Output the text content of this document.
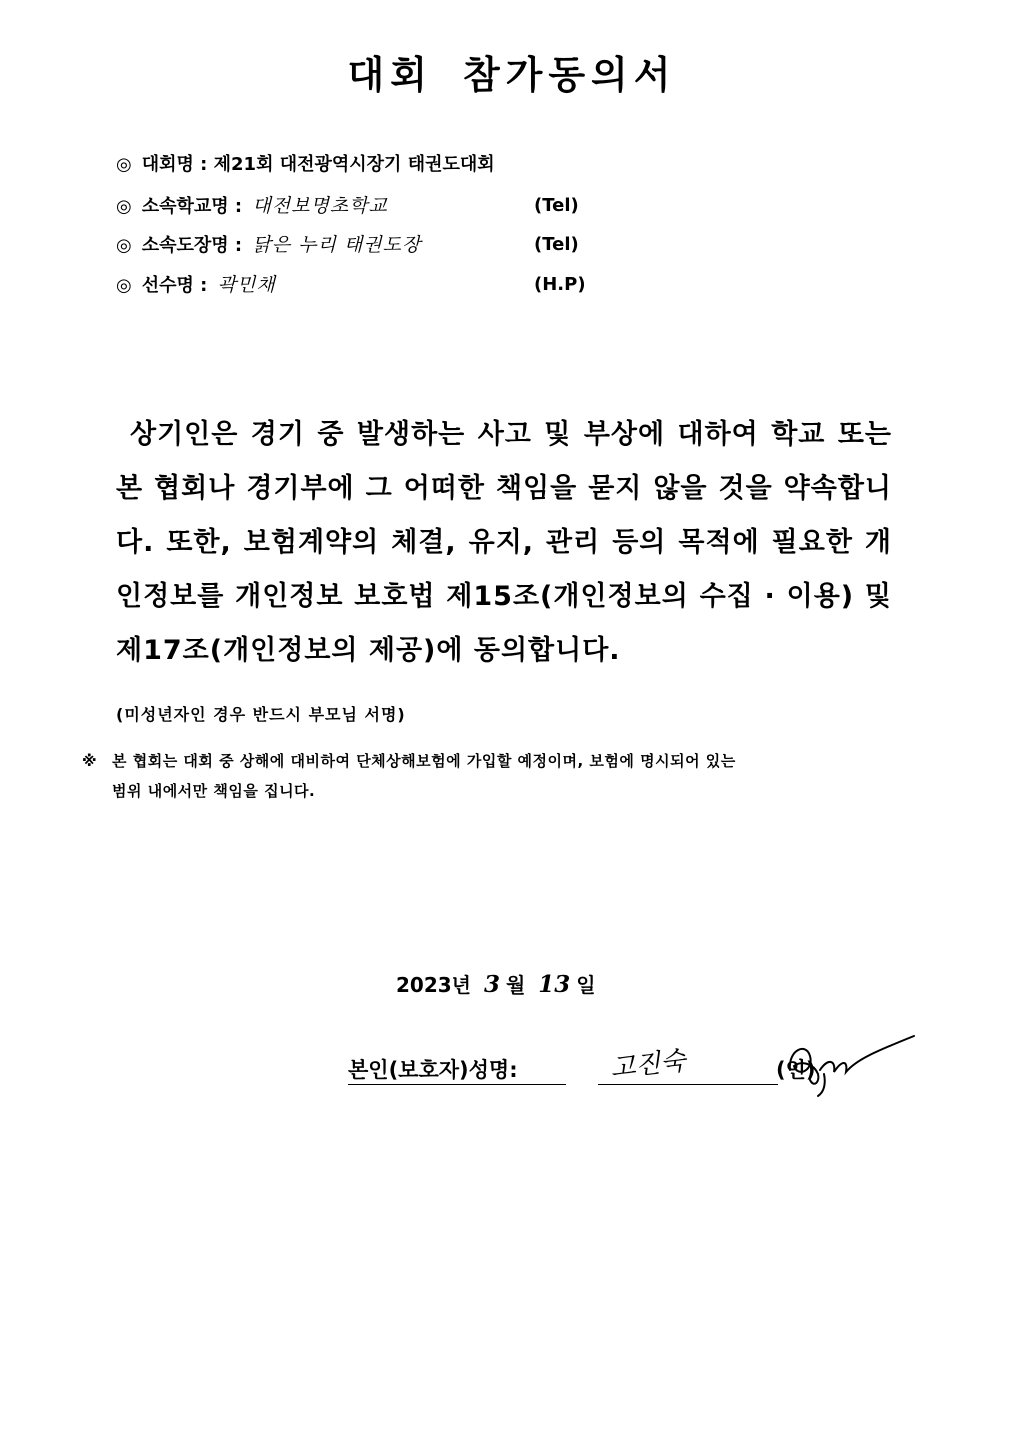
대회 참가동의서
◎ 대회명 : 제21회 대전광역시장기 태권도대회
◎ 소속학교명 : 대전보명초학교	(Tel)
◎ 소속도장명 : 닭은 누리 태권도장	(Tel)
◎ 선수명 : 곽민채	(H.P)
상기인은 경기 중 발생하는 사고 및 부상에 대하여 학교 또는 본 협회나 경기부에 그 어떠한 책임을 묻지 않을 것을 약속합니다. 또한, 보험계약의 체결, 유지, 관리 등의 목적에 필요한 개인정보를 개인정보 보호법 제15조(개인정보의 수집 · 이용) 및 제17조(개인정보의 제공)에 동의합니다.
(미성년자인 경우 반드시 부모님 서명)
※ 본 협회는 대회 중 상해에 대비하여 단체상해보험에 가입할 예정이며, 보험에 명시되어 있는
범위 내에서만 책임을 집니다.
2023년 3 월 13 일
본인(보호자)성명:	고진숙	(인)
